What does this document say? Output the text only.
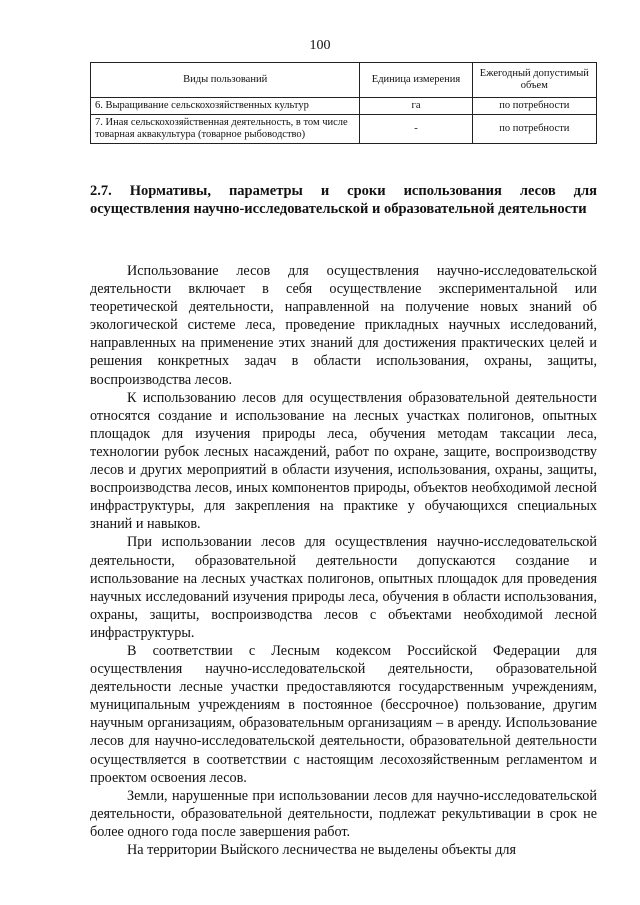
100
Виды пользований	Единица измерения	Ежегодный допустимый объем
6. Выращивание сельскохозяйственных культур	га	по потребности
7. Иная сельскохозяйственная деятельность, в том числе товарная аквакультура (товарное рыбоводство)	-	по потребности
2.7. Нормативы, параметры и сроки использования лесов для осуществления научно-исследовательской и образовательной деятельности

Использование лесов для осуществления научно-исследовательской деятельности включает в себя осуществление экспериментальной или теоретической деятельности, направленной на получение новых знаний об экологической системе леса, проведение прикладных научных исследований, направленных на применение этих знаний для достижения практических целей и решения конкретных задач в области использования, охраны, защиты, воспроизводства лесов.

К использованию лесов для осуществления образовательной деятельности относятся создание и использование на лесных участках полигонов, опытных площадок для изучения природы леса, обучения методам таксации леса, технологии рубок лесных насаждений, работ по охране, защите, воспроизводству лесов и других мероприятий в области изучения, использования, охраны, защиты, воспроизводства лесов, иных компонентов природы, объектов необходимой лесной инфраструктуры, для закрепления на практике у обучающихся специальных знаний и навыков.

При использовании лесов для осуществления научно-исследовательской деятельности, образовательной деятельности допускаются создание и использование на лесных участках полигонов, опытных площадок для проведения научных исследований изучения природы леса, обучения в области использования, охраны, защиты, воспроизводства лесов с объектами необходимой лесной инфраструктуры.

В соответствии с Лесным кодексом Российской Федерации для осуществления научно-исследовательской деятельности, образовательной деятельности лесные участки предоставляются государственным учреждениям, муниципальным учреждениям в постоянное (бессрочное) пользование, другим научным организациям, образовательным организациям – в аренду. Использование лесов для научно-исследовательской деятельности, образовательной деятельности осуществляется в соответствии с настоящим лесохозяйственным регламентом и проектом освоения лесов.

Земли, нарушенные при использовании лесов для научно-исследовательской деятельности, образовательной деятельности, подлежат рекультивации в срок не более одного года после завершения работ.

На территории Выйского лесничества не выделены объекты для
